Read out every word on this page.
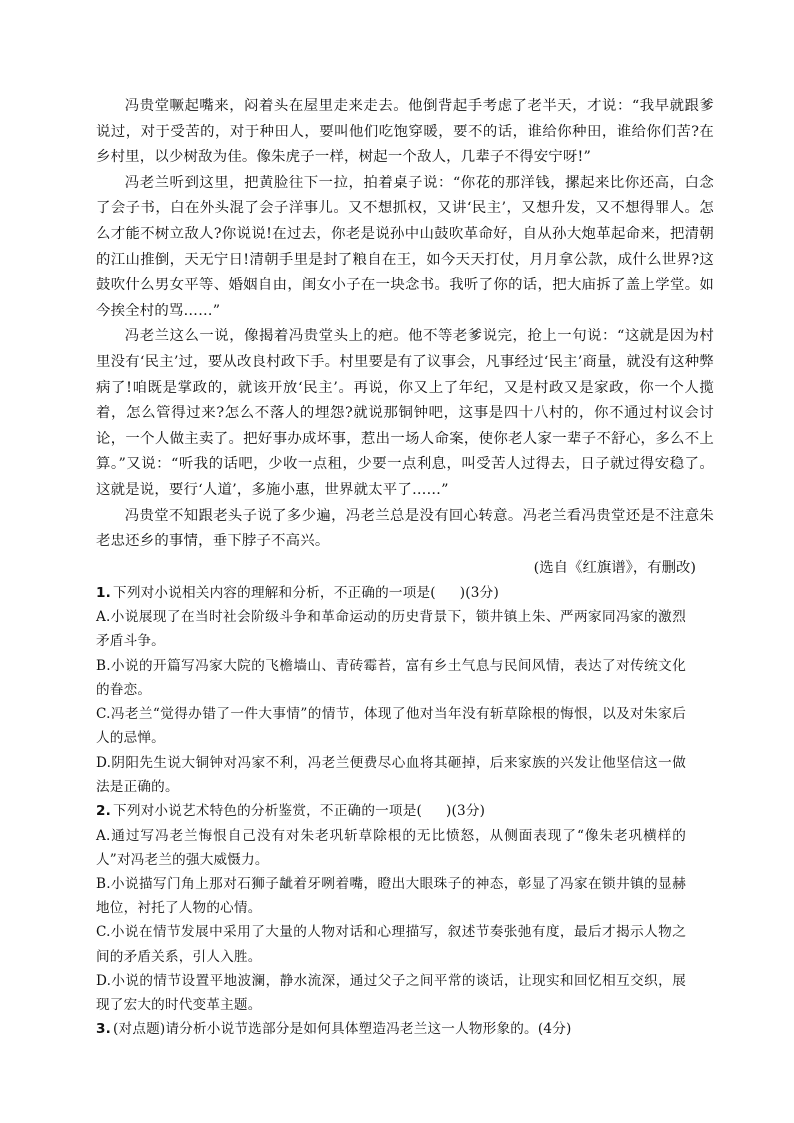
冯贵堂噘起嘴来，闷着头在屋里走来走去。他倒背起手考虑了老半天，才说：“我早就跟爹说过，对于受苦的，对于种田人，要叫他们吃饱穿暖，要不的话，谁给你种田，谁给你们苦?在乡村里，以少树敌为佳。像朱虎子一样，树起一个敌人，几辈子不得安宁呀!”

冯老兰听到这里，把黄脸往下一拉，拍着桌子说：“你花的那洋钱，摞起来比你还高，白念了会子书，白在外头混了会子洋事儿。又不想抓权，又讲‘民主’，又想升发，又不想得罪人。怎么才能不树立敌人?你说说!在过去，你老是说孙中山鼓吹革命好，自从孙大炮革起命来，把清朝的江山推倒，天无宁日!清朝手里是封了粮自在王，如今天天打仗，月月拿公款，成什么世界?这鼓吹什么男女平等、婚姻自由，闺女小子在一块念书。我听了你的话，把大庙拆了盖上学堂。如今挨全村的骂……”

冯老兰这么一说，像揭着冯贵堂头上的疤。他不等老爹说完，抢上一句说：“这就是因为村里没有‘民主’过，要从改良村政下手。村里要是有了议事会，凡事经过‘民主’商量，就没有这种弊病了!咱既是掌政的，就该开放‘民主’。再说，你又上了年纪，又是村政又是家政，你一个人揽着，怎么管得过来?怎么不落人的埋怨?就说那铜钟吧，这事是四十八村的，你不通过村议会讨论，一个人做主卖了。把好事办成坏事，惹出一场人命案，使你老人家一辈子不舒心，多么不上算。”又说：“听我的话吧，少收一点租，少要一点利息，叫受苦人过得去，日子就过得安稳了。这就是说，要行‘人道’，多施小惠，世界就太平了……”

冯贵堂不知跟老头子说了多少遍，冯老兰总是没有回心转意。冯老兰看冯贵堂还是不注意朱老忠还乡的事情，垂下脖子不高兴。

(选自《红旗谱》，有删改)

1. 下列对小说相关内容的理解和分析，不正确的一项是( )(3分)

A.小说展现了在当时社会阶级斗争和革命运动的历史背景下，锁井镇上朱、严两家同冯家的激烈矛盾斗争。

B.小说的开篇写冯家大院的飞檐墙山、青砖霉苔，富有乡土气息与民间风情，表达了对传统文化的眷恋。

C.冯老兰“觉得办错了一件大事情”的情节，体现了他对当年没有斩草除根的悔恨，以及对朱家后人的忌惮。

D.阴阳先生说大铜钟对冯家不利，冯老兰便费尽心血将其砸掉，后来家族的兴发让他坚信这一做法是正确的。

2. 下列对小说艺术特色的分析鉴赏，不正确的一项是( )(3分)

A.通过写冯老兰悔恨自己没有对朱老巩斩草除根的无比愤怒，从侧面表现了“像朱老巩横样的人”对冯老兰的强大威慑力。

B.小说描写门角上那对石狮子龇着牙咧着嘴，瞪出大眼珠子的神态，彰显了冯家在锁井镇的显赫地位，衬托了人物的心情。

C.小说在情节发展中采用了大量的人物对话和心理描写，叙述节奏张弛有度，最后才揭示人物之间的矛盾关系，引人入胜。

D.小说的情节设置平地波澜，静水流深，通过父子之间平常的谈话，让现实和回忆相互交织，展现了宏大的时代变革主题。

3. (对点题)请分析小说节选部分是如何具体塑造冯老兰这一人物形象的。(4分)
